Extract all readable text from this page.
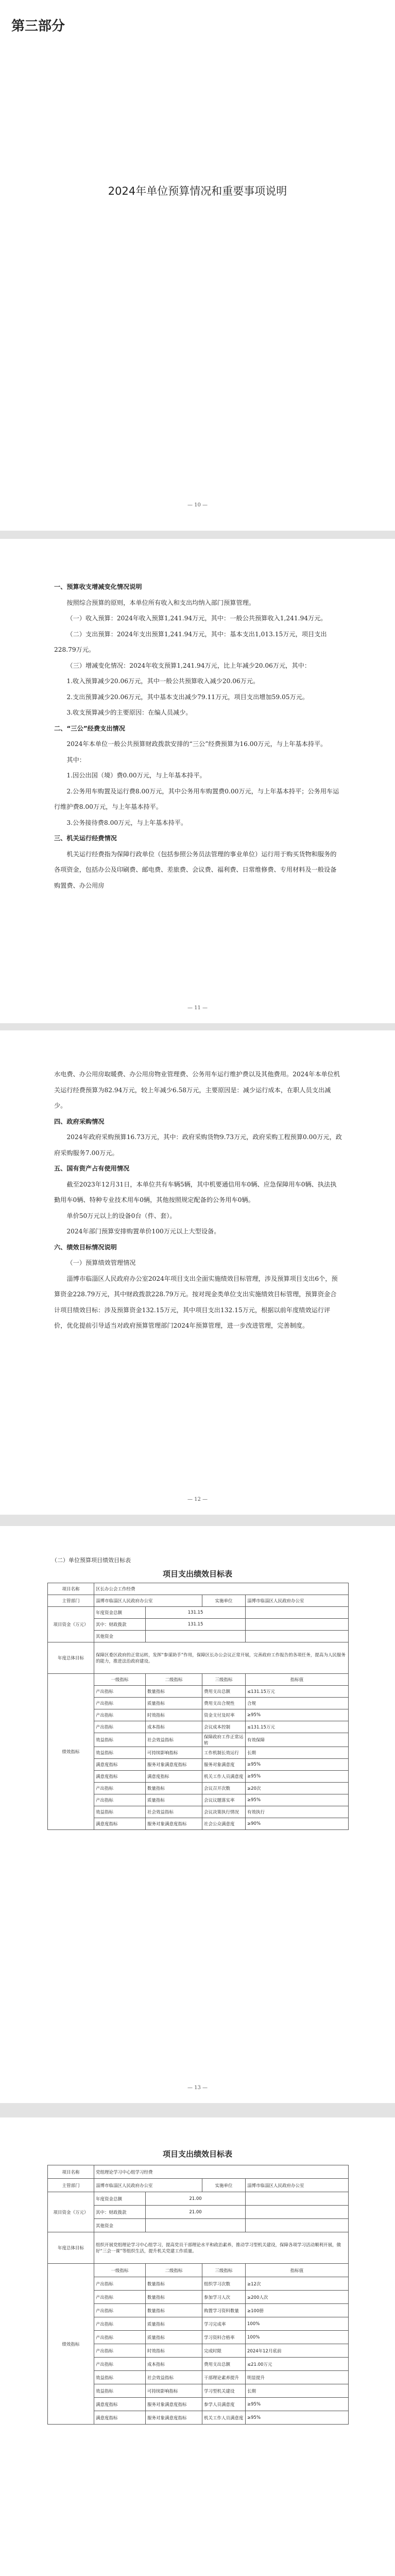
第三部分
2024年单位预算情况和重要事项说明
— 10 —

一、预算收支增减变化情况说明

按照综合预算的原则，本单位所有收入和支出均纳入部门预算管理。

（一）收入预算：2024年收入预算1,241.94万元，其中：一般公共预算收入1,241.94万元。

（二）支出预算：2024年支出预算1,241.94万元，其中：基本支出1,013.15万元，项目支出228.79万元。

（三）增减变化情况：2024年收支预算1,241.94万元，比上年减少20.06万元，其中：

1.收入预算减少20.06万元，其中一般公共预算收入减少20.06万元。

2.支出预算减少20.06万元，其中基本支出减少79.11万元，项目支出增加59.05万元。

3.收支预算减少的主要原因：在编人员减少。

二、“三公”经费支出情况

2024年本单位一般公共预算财政拨款安排的“三公”经费预算为16.00万元，与上年基本持平。

其中：

1.因公出国（境）费0.00万元，与上年基本持平。

2.公务用车购置及运行费8.00万元，其中公务用车购置费0.00万元，与上年基本持平；公务用车运行维护费8.00万元，与上年基本持平。

3.公务接待费8.00万元，与上年基本持平。

三、机关运行经费情况

机关运行经费指为保障行政单位（包括参照公务员法管理的事业单位）运行用于购买货物和服务的各项资金，包括办公及印刷费、邮电费、差旅费、会议费、福利费、日常维修费、专用材料及一般设备购置费、办公用房

— 11 —

水电费、办公用房取暖费、办公用房物业管理费、公务用车运行维护费以及其他费用。2024年本单位机关运行经费预算为82.94万元，较上年减少6.58万元，主要原因是：减少运行成本，在职人员支出减少。

四、政府采购情况

2024年政府采购预算16.73万元，其中：政府采购货物9.73万元，政府采购工程预算0.00万元，政府采购服务7.00万元。

五、国有资产占有使用情况

截至2023年12月31日，本单位共有车辆5辆，其中机要通信用车0辆、应急保障用车0辆、执法执勤用车0辆、特种专业技术用车0辆，其他按照规定配备的公务用车0辆。

单价50万元以上的设备0台（件、套）。

2024年部门预算安排购置单价100万元以上大型设备。

六、绩效目标情况说明

（一）预算绩效管理情况

淄博市临淄区人民政府办公室2024年项目支出全面实施绩效目标管理，涉及预算项目支出6个，预算资金228.79万元，其中财政拨款228.79万元。按对现金类单位支出实施绩效目标管理，预算资金合计项目绩效目标：涉及预算资金132.15万元，其中项目支出132.15万元，根据以前年度绩效运行评价，优化提前引导适当对政府预算管理部门2024年预算管理，进一步改进管理，完善制度。

— 12 —
（二）单位预算项目绩效目标表
项目支出绩效目标表
项目名称	区长办公会工作经费			
主管部门	淄博市临淄区人民政府办公室		实施单位	淄博市临淄区人民政府办公室
项目资金（万元）	年度资金总额	131.15		
	其中：财政拨款	131.15		
	其他资金			
年度总体目标	保障区委区政府的正常运转，发挥“参谋助手”作用，保障区长办公会议正常开展，完善政府工作报告的各项任务，提高为人民服务的能力，推进法治政府建设。			
绩效指标	一级指标	二级指标	三级指标	指标值
	产出指标	数量指标	费用支出总额	≤131.15万元
	产出指标	质量指标	费用支出合规性	合规
	产出指标	时效指标	资金支付及时率	≥95%
	产出指标	成本指标	会议成本控制	≤131.15万元
	效益指标	社会效益指标	保障政府工作正常运转	有效保障
	效益指标	可持续影响指标	工作机制长效运行	长期
	满意度指标	服务对象满意度指标	服务对象满意度	≥95%
	满意度指标	满意度指标	机关工作人员满意度	≥95%
	产出指标	数量指标	会议召开次数	≥20次
	产出指标	质量指标	会议议题落实率	≥95%
	效益指标	社会效益指标	会议决策执行情况	有效执行
	满意度指标	服务对象满意度指标	社会公众满意度	≥90%
— 13 —
项目支出绩效目标表
项目名称	党组理论学习中心组学习经费			
主管部门	淄博市临淄区人民政府办公室		实施单位	淄博市临淄区人民政府办公室
项目资金（万元）	年度资金总额	21.00		
	其中：财政拨款	21.00		
	其他资金			
年度总体目标	组织开展党组理论学习中心组学习，提高党员干部理论水平和政治素养，推动学习型机关建设，保障各项学习活动顺利开展，做好“三会一课”等组织生活，提升机关党建工作质量。			
绩效指标	一级指标	二级指标	三级指标	指标值
	产出指标	数量指标	组织学习次数	≥12次
	产出指标	数量指标	参加学习人次	≥200人次
	产出指标	数量指标	购置学习资料数量	≥100册
	产出指标	质量指标	学习完成率	100%
	产出指标	质量指标	学习资料合格率	100%
	产出指标	时效指标	完成时限	2024年12月底前
	产出指标	成本指标	费用支出总额	≤21.00万元
	效益指标	社会效益指标	干部理论素养提升	明显提升
	效益指标	可持续影响指标	学习型机关建设	长期
	满意度指标	服务对象满意度指标	参学人员满意度	≥95%
	满意度指标	服务对象满意度指标	机关工作人员满意度	≥95%
